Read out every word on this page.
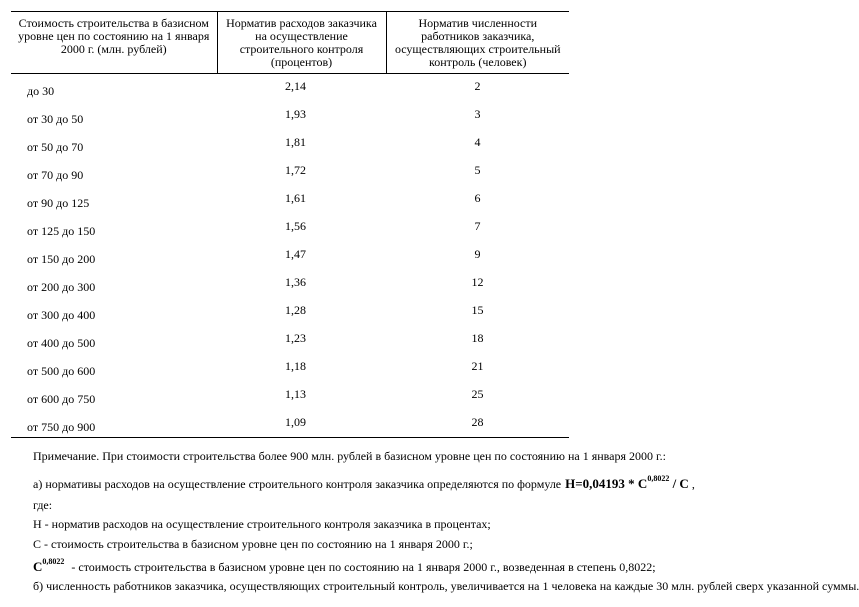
Стоимость строительства в базисном уровне цен по состоянию на 1 января 2000 г. (млн. рублей)	Норматив расходов заказчика на осуществление строительного контроля (процентов)	Норматив численности работников заказчика, осуществляющих строительный контроль (человек)
до 30	2,14	2
от 30 до 50	1,93	3
от 50 до 70	1,81	4
от 70 до 90	1,72	5
от 90 до 125	1,61	6
от 125 до 150	1,56	7
от 150 до 200	1,47	9
от 200 до 300	1,36	12
от 300 до 400	1,28	15
от 400 до 500	1,23	18
от 500 до 600	1,18	21
от 600 до 750	1,13	25
от 750 до 900	1,09	28

Примечание. При стоимости строительства более 900 млн. рублей в базисном уровне цен по состоянию на 1 января 2000 г.:

а) нормативы расходов на осуществление строительного контроля заказчика определяются по формуле $Н=0,04193 * С^{0,8022} / С$ ,

где:

Н - норматив расходов на осуществление строительного контроля заказчика в процентах;

С - стоимость строительства в базисном уровне цен по состоянию на 1 января 2000 г.;

$С^{0,8022}$ - стоимость строительства в базисном уровне цен по состоянию на 1 января 2000 г., возведенная в степень 0,8022;

б) численность работников заказчика, осуществляющих строительный контроль, увеличивается на 1 человека на каждые 30 млн. рублей сверх указанной суммы.
